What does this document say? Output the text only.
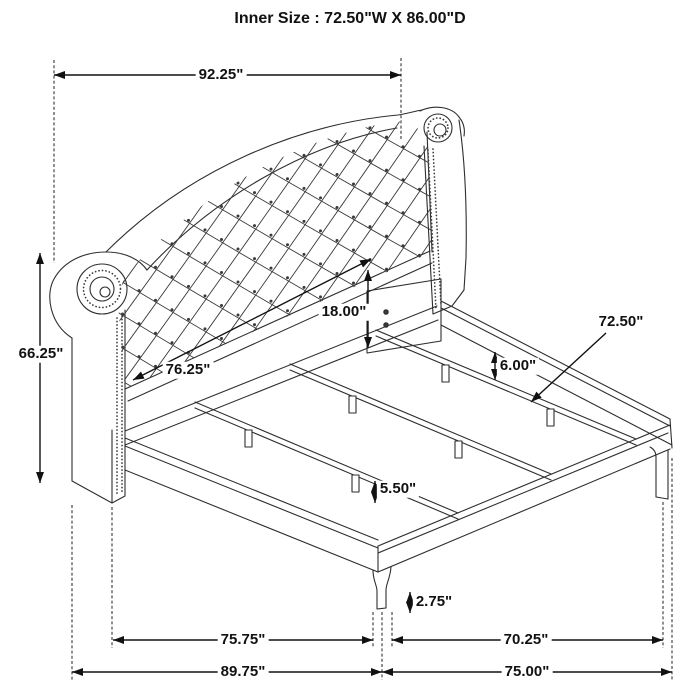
Inner Size : 72.50"W X 86.00"D
92.25"
66.25"
76.25"
18.00"
6.00"
72.50"
5.50"
2.75"
75.75"	70.25"
89.75"	75.00"
